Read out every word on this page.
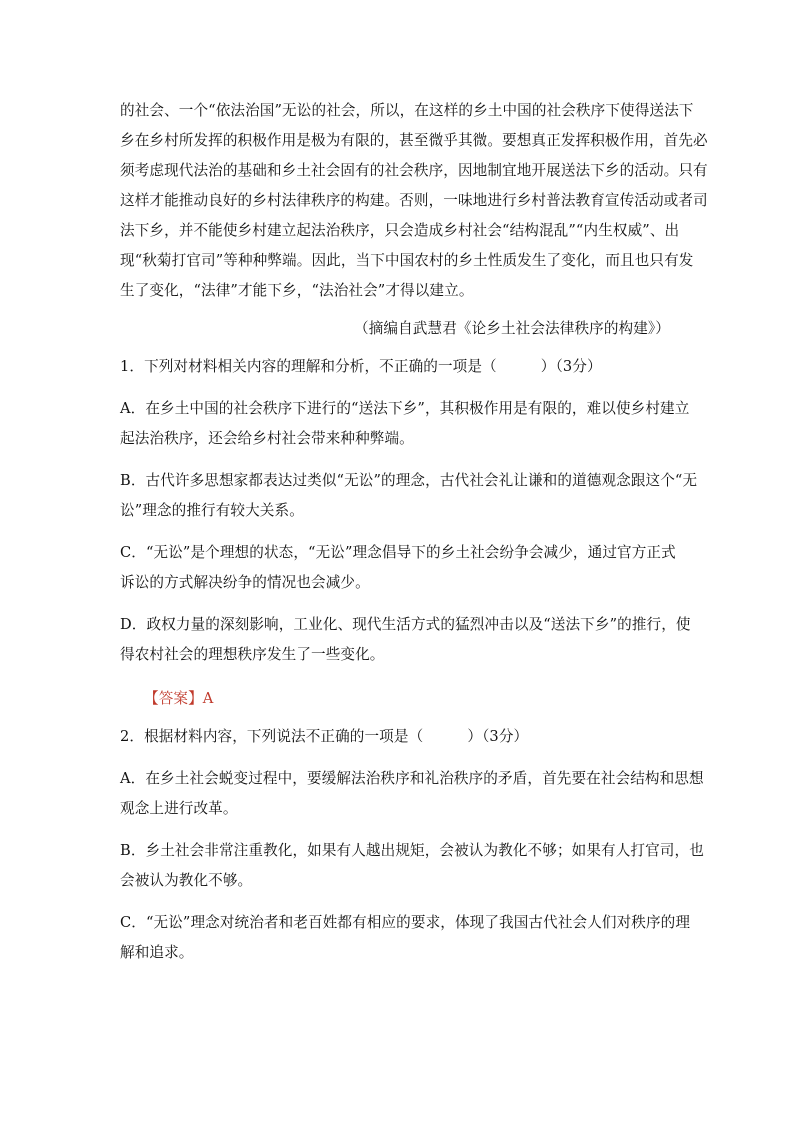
的社会、一个“依法治国”无讼的社会，所以，在这样的乡土中国的社会秩序下使得送法下
乡在乡村所发挥的积极作用是极为有限的，甚至微乎其微。要想真正发挥积极作用，首先必
须考虑现代法治的基础和乡土社会固有的社会秩序，因地制宜地开展送法下乡的活动。只有
这样才能推动良好的乡村法律秩序的构建。否则，一味地进行乡村普法教育宣传活动或者司
法下乡，并不能使乡村建立起法治秩序，只会造成乡村社会“结构混乱”“内生权威”、出
现“秋菊打官司”等种种弊端。因此，当下中国农村的乡土性质发生了变化，而且也只有发
生了变化，“法律”才能下乡，“法治社会”才得以建立。
（摘编自武慧君《论乡土社会法律秩序的构建》）
1．下列对材料相关内容的理解和分析，不正确的一项是（　　　）（3分）
A．在乡土中国的社会秩序下进行的“送法下乡”，其积极作用是有限的，难以使乡村建立
起法治秩序，还会给乡村社会带来种种弊端。
B．古代许多思想家都表达过类似“无讼”的理念，古代社会礼让谦和的道德观念跟这个“无
讼”理念的推行有较大关系。
C．“无讼”是个理想的状态，“无讼”理念倡导下的乡土社会纷争会减少，通过官方正式
诉讼的方式解决纷争的情况也会减少。
D．政权力量的深刻影响，工业化、现代生活方式的猛烈冲击以及“送法下乡”的推行，使
得农村社会的理想秩序发生了一些变化。
【答案】A
2．根据材料内容，下列说法不正确的一项是（　　　）（3分）
A．在乡土社会蜕变过程中，要缓解法治秩序和礼治秩序的矛盾，首先要在社会结构和思想
观念上进行改革。
B．乡土社会非常注重教化，如果有人越出规矩，会被认为教化不够；如果有人打官司，也
会被认为教化不够。
C．“无讼”理念对统治者和老百姓都有相应的要求，体现了我国古代社会人们对秩序的理
解和追求。
